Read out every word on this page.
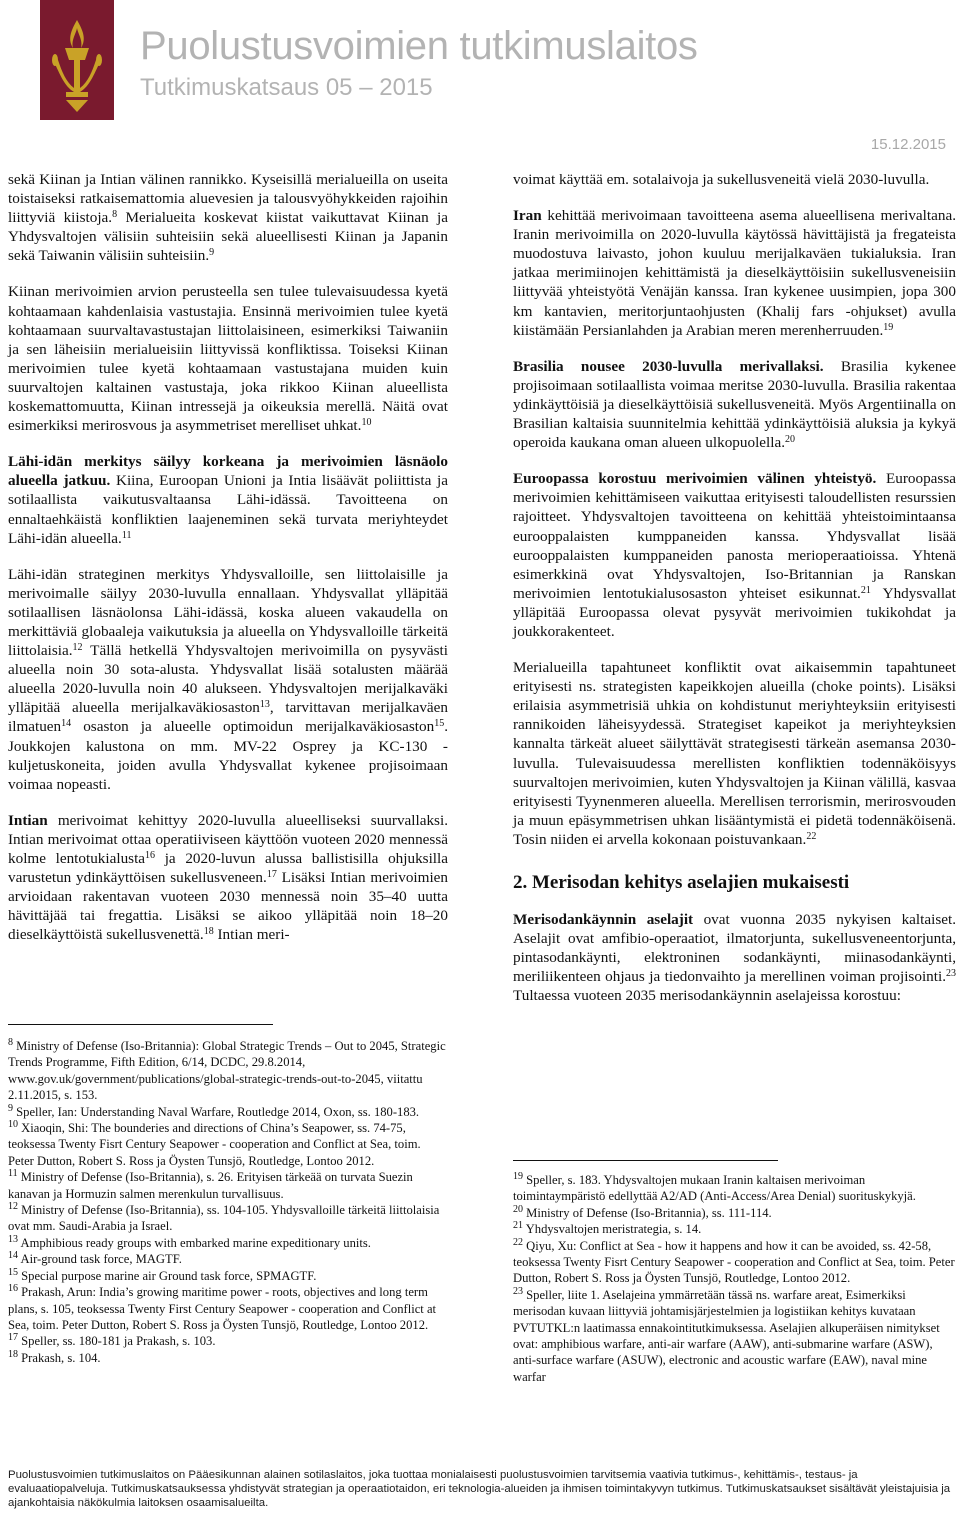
Puolustusvoimien tutkimuslaitos
Tutkimuskatsaus 05 – 2015
15.12.2015

sekä Kiinan ja Intian välinen rannikko. Kyseisillä merialueilla on useita toistaiseksi ratkaisemattomia aluevesien ja talousvyöhykkeiden rajoihin liittyviä kiistoja.$^8$ Merialueita koskevat kiistat vaikuttavat Kiinan ja Yhdysvaltojen välisiin suhteisiin sekä alueellisesti Kiinan ja Japanin sekä Taiwanin välisiin suhteisiin.$^9$

Kiinan merivoimien arvion perusteella sen tulee tulevaisuudessa kyetä kohtaamaan kahdenlaisia vastustajia. Ensinnä merivoimien tulee kyetä kohtaamaan suurvaltavastustajan liittolaisineen, esimerkiksi Taiwaniin ja sen läheisiin merialueisiin liittyvissä konfliktissa. Toiseksi Kiinan merivoimien tulee kyetä kohtaamaan vastustajana muiden kuin suurvaltojen kaltainen vastustaja, joka rikkoo Kiinan alueellista koskemattomuutta, Kiinan intressejä ja oikeuksia merellä. Näitä ovat esimerkiksi merirosvous ja asymmetriset merelliset uhkat.$^{10}$

Lähi-idän merkitys säilyy korkeana ja merivoimien läsnäolo alueella jatkuu. Kiina, Euroopan Unioni ja Intia lisäävät poliittista ja sotilaallista vaikutusvaltaansa Lähi-idässä. Tavoitteena on ennaltaehkäistä konfliktien laajeneminen sekä turvata meriyhteydet Lähi-idän alueella.$^{11}$

Lähi-idän strateginen merkitys Yhdysvalloille, sen liittolaisille ja merivoimalle säilyy 2030-luvulla ennallaan. Yhdysvallat ylläpitää sotilaallisen läsnäolonsa Lähi-idässä, koska alueen vakaudella on merkittäviä globaaleja vaikutuksia ja alueella on Yhdysvalloille tärkeitä liittolaisia.$^{12}$ Tällä hetkellä Yhdysvaltojen merivoimilla on pysyvästi alueella noin 30 sota-alusta. Yhdysvallat lisää sotalusten määrää alueella 2020-luvulla noin 40 alukseen. Yhdysvaltojen merijalkaväki ylläpitää alueella merijalkaväkiosaston$^{13}$, tarvittavan merijalkaväen ilmatuen$^{14}$ osaston ja alueelle optimoidun merijalkaväkiosaston$^{15}$. Joukkojen kalustona on mm. MV-22 Osprey ja KC-130 -kuljetuskoneita, joiden avulla Yhdysvallat kykenee projisoimaan voimaa nopeasti.

Intian merivoimat kehittyy 2020-luvulla alueelliseksi suurvallaksi. Intian merivoimat ottaa operatiiviseen käyttöön vuoteen 2020 mennessä kolme lentotukialusta$^{16}$ ja 2020-luvun alussa ballistisilla ohjuksilla varustetun ydinkäyttöisen sukellusveneen.$^{17}$ Lisäksi Intian merivoimien arvioidaan rakentavan vuoteen 2030 mennessä noin 35–40 uutta hävittäjää tai fregattia. Lisäksi se aikoo ylläpitää noin 18–20 dieselkäyttöistä sukellusvenettä.$^{18}$ Intian meri-

$^8$ Ministry of Defense (Iso-Britannia): Global Strategic Trends – Out to 2045, Strategic Trends Programme, Fifth Edition, 6/14, DCDC, 29.8.2014, www.gov.uk/government/publications/global-strategic-trends-out-to-2045, viitattu 2.11.2015, s. 153.
$^9$ Speller, Ian: Understanding Naval Warfare, Routledge 2014, Oxon, ss. 180-183.
$^{10}$ Xiaoqin, Shi: The bounderies and directions of China’s Seapower, ss. 74-75, teoksessa Twenty Fisrt Century Seapower - cooperation and Conflict at Sea, toim. Peter Dutton, Robert S. Ross ja Öysten Tunsjö, Routledge, Lontoo 2012.
$^{11}$ Ministry of Defense (Iso-Britannia), s. 26. Erityisen tärkeää on turvata Suezin kanavan ja Hormuzin salmen merenkulun turvallisuus.
$^{12}$ Ministry of Defense (Iso-Britannia), ss. 104-105. Yhdysvalloille tärkeitä liittolaisia ovat mm. Saudi-Arabia ja Israel.
$^{13}$ Amphibious ready groups with embarked marine expeditionary units.
$^{14}$ Air-ground task force, MAGTF.
$^{15}$ Special purpose marine air Ground task force, SPMAGTF.
$^{16}$ Prakash, Arun: India’s growing maritime power - roots, objectives and long term plans, s. 105, teoksessa Twenty First Century Seapower - cooperation and Conflict at Sea, toim. Peter Dutton, Robert S. Ross ja Öysten Tunsjö, Routledge, Lontoo 2012.
$^{17}$ Speller, ss. 180-181 ja Prakash, s. 103.
$^{18}$ Prakash, s. 104.

voimat käyttää em. sotalaivoja ja sukellusveneitä vielä 2030-luvulla.

Iran kehittää merivoimaan tavoitteena asema alueellisena merivaltana. Iranin merivoimilla on 2020-luvulla käytössä hävittäjistä ja fregateista muodostuva laivasto, johon kuuluu merijalkaväen tukialuksia. Iran jatkaa merimiinojen kehittämistä ja dieselkäyttöisiin sukellusveneisiin liittyvää yhteistyötä Venäjän kanssa. Iran kykenee uusimpien, jopa 300 km kantavien, meritorjuntaohjusten (Khalij fars -ohjukset) avulla kiistämään Persianlahden ja Arabian meren merenherruuden.$^{19}$

Brasilia nousee 2030-luvulla merivallaksi. Brasilia kykenee projisoimaan sotilaallista voimaa meritse 2030-luvulla. Brasilia rakentaa ydinkäyttöisiä ja dieselkäyttöisiä sukellusveneitä. Myös Argentiinalla on Brasilian kaltaisia suunnitelmia kehittää ydinkäyttöisiä aluksia ja kykyä operoida kaukana oman alueen ulkopuolella.$^{20}$

Euroopassa korostuu merivoimien välinen yhteistyö. Euroopassa merivoimien kehittämiseen vaikuttaa erityisesti taloudellisten resurssien rajoitteet. Yhdysvaltojen tavoitteena on kehittää yhteistoimintaansa eurooppalaisten kumppaneiden kanssa. Yhdysvallat lisää eurooppalaisten kumppaneiden panosta merioperaatioissa. Yhtenä esimerkkinä ovat Yhdysvaltojen, Iso-Britannian ja Ranskan merivoimien lentotukialusosaston yhteiset esikunnat.$^{21}$ Yhdysvallat ylläpitää Euroopassa olevat pysyvät merivoimien tukikohdat ja joukkorakenteet.

Merialueilla tapahtuneet konfliktit ovat aikaisemmin tapahtuneet erityisesti ns. strategisten kapeikkojen alueilla (choke points). Lisäksi erilaisia asymmetrisiä uhkia on kohdistunut meriyhteyksiin erityisesti rannikoiden läheisyydessä. Strategiset kapeikot ja meriyhteyksien kannalta tärkeät alueet säilyttävät strategisesti tärkeän asemansa 2030-luvulla. Tulevaisuudessa merellisten konfliktien todennäköisyys suurvaltojen merivoimien, kuten Yhdysvaltojen ja Kiinan välillä, kasvaa erityisesti Tyynenmeren alueella. Merellisen terrorismin, merirosvouden ja muun epäsymmetrisen uhkan lisääntymistä ei pidetä todennäköisenä. Tosin niiden ei arvella kokonaan poistuvankaan.$^{22}$

2. Merisodan kehitys aselajien mukaisesti

Merisodankäynnin aselajit ovat vuonna 2035 nykyisen kaltaiset. Aselajit ovat amfibio-operaatiot, ilmatorjunta, sukellusveneentorjunta, pintasodankäynti, elektroninen sodankäynti, miinasodankäynti, meriliikenteen ohjaus ja tiedonvaihto ja merellinen voiman projisointi.$^{23}$ Tultaessa vuoteen 2035 merisodankäynnin aselajeissa korostuu:

$^{19}$ Speller, s. 183. Yhdysvaltojen mukaan Iranin kaltaisen merivoiman toimintaympäristö edellyttää A2/AD (Anti-Access/Area Denial) suorituskykyjä.
$^{20}$ Ministry of Defense (Iso-Britannia), ss. 111-114.
$^{21}$ Yhdysvaltojen meristrategia, s. 14.
$^{22}$ Qiyu, Xu: Conflict at Sea - how it happens and how it can be avoided, ss. 42-58, teoksessa Twenty Fisrt Century Seapower - cooperation and Conflict at Sea, toim. Peter Dutton, Robert S. Ross ja Öysten Tunsjö, Routledge, Lontoo 2012.
$^{23}$ Speller, liite 1. Aselajeina ymmärretään tässä ns. warfare areat, Esimerkiksi merisodan kuvaan liittyviä johtamisjärjestelmien ja logistiikan kehitys kuvataan PVTUTKL:n laatimassa ennakointitutkimuksessa. Aselajien alkuperäisen nimitykset ovat: amphibious warfare, anti-air warfare (AAW), anti-submarine warfare (ASW), anti-surface warfare (ASUW), electronic and acoustic warfare (EAW), naval mine warfar
Puolustusvoimien tutkimuslaitos on Pääesikunnan alainen sotilaslaitos, joka tuottaa monialaisesti puolustusvoimien tarvitsemia vaativia tutkimus-, kehittämis-, testaus- ja evaluaatiopalveluja. Tutkimuskatsauksessa yhdistyvät strategian ja operaatiotaidon, eri teknologia-alueiden ja ihmisen toimintakyvyn tutkimus. Tutkimuskatsaukset sisältävät yleistajuisia ja ajankohtaisia näkökulmia laitoksen osaamisalueilta.
